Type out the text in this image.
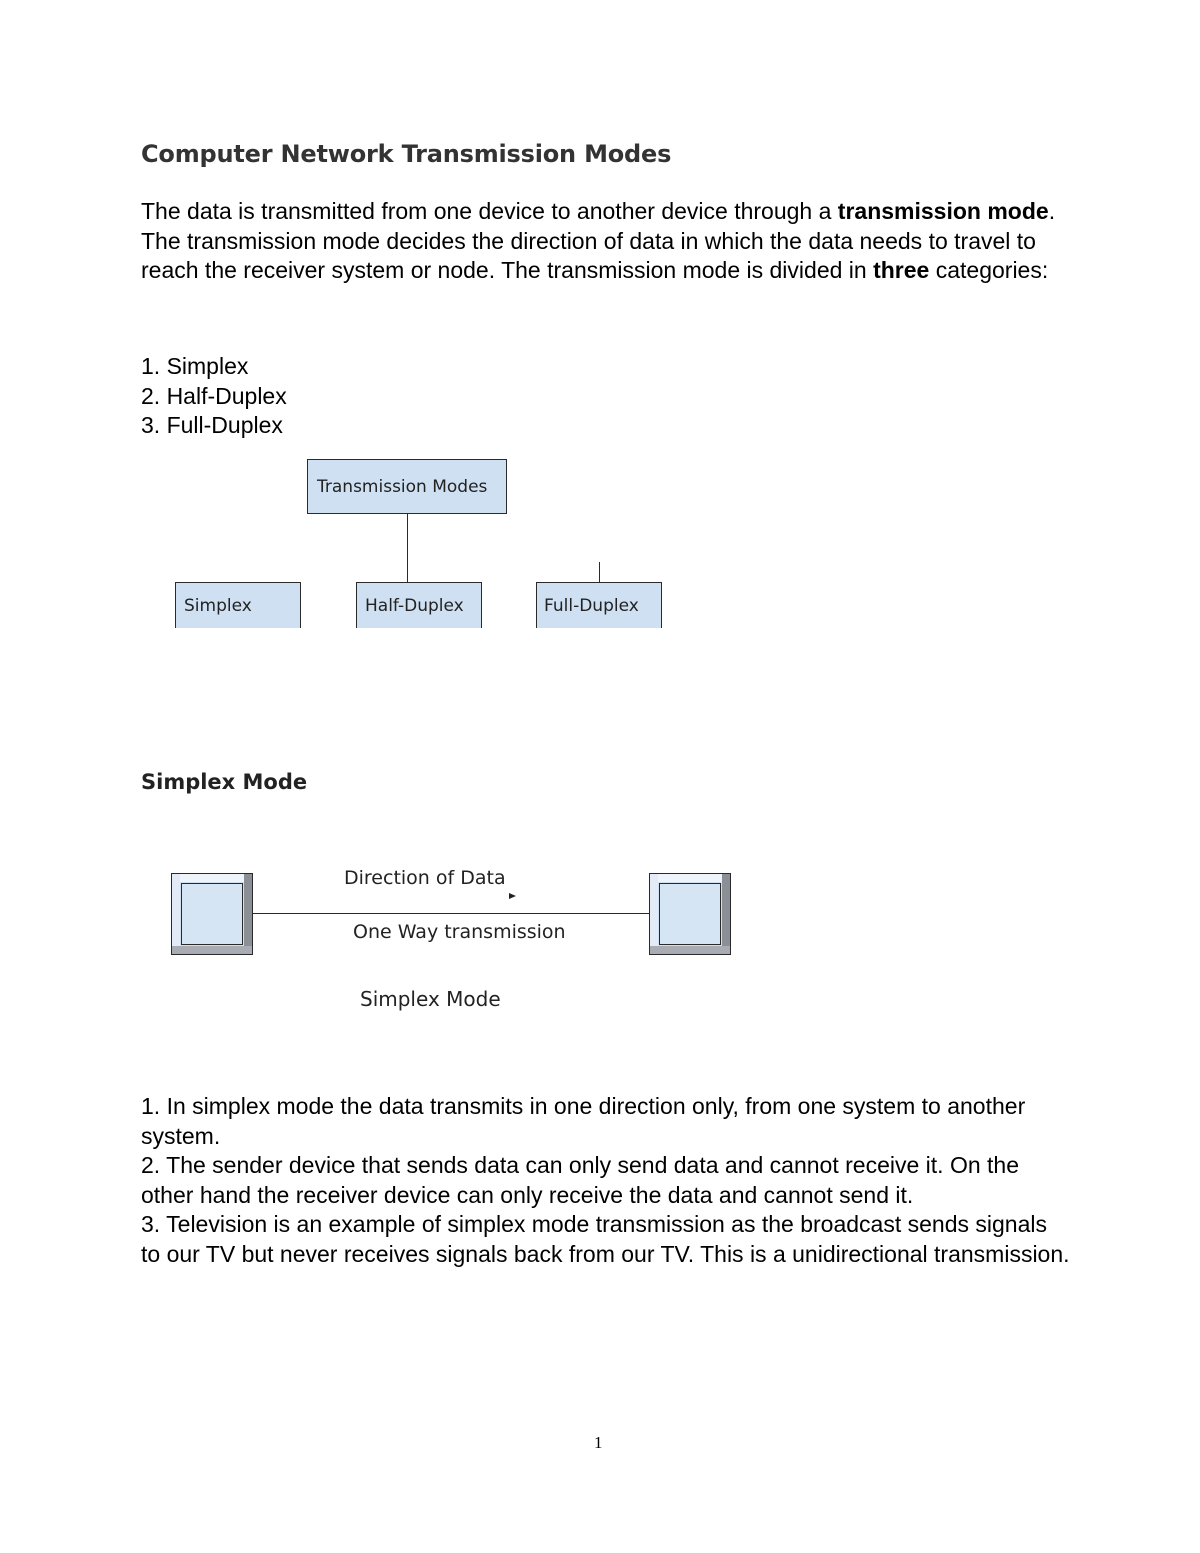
Computer Network Transmission Modes
The data is transmitted from one device to another device through a transmission mode. The transmission mode decides the direction of data in which the data needs to travel to reach the receiver system or node. The transmission mode is divided in three categories:
1. Simplex
2. Half-Duplex
3. Full-Duplex
Transmission Modes
Simplex	Half-Duplex	Full-Duplex
Simplex Mode
Direction of Data
One Way transmission
Simplex Mode
1. In simplex mode the data transmits in one direction only, from one system to another system.
2. The sender device that sends data can only send data and cannot receive it. On the other hand the receiver device can only receive the data and cannot send it.
3. Television is an example of simplex mode transmission as the broadcast sends signals to our TV but never receives signals back from our TV. This is a unidirectional transmission.
1
